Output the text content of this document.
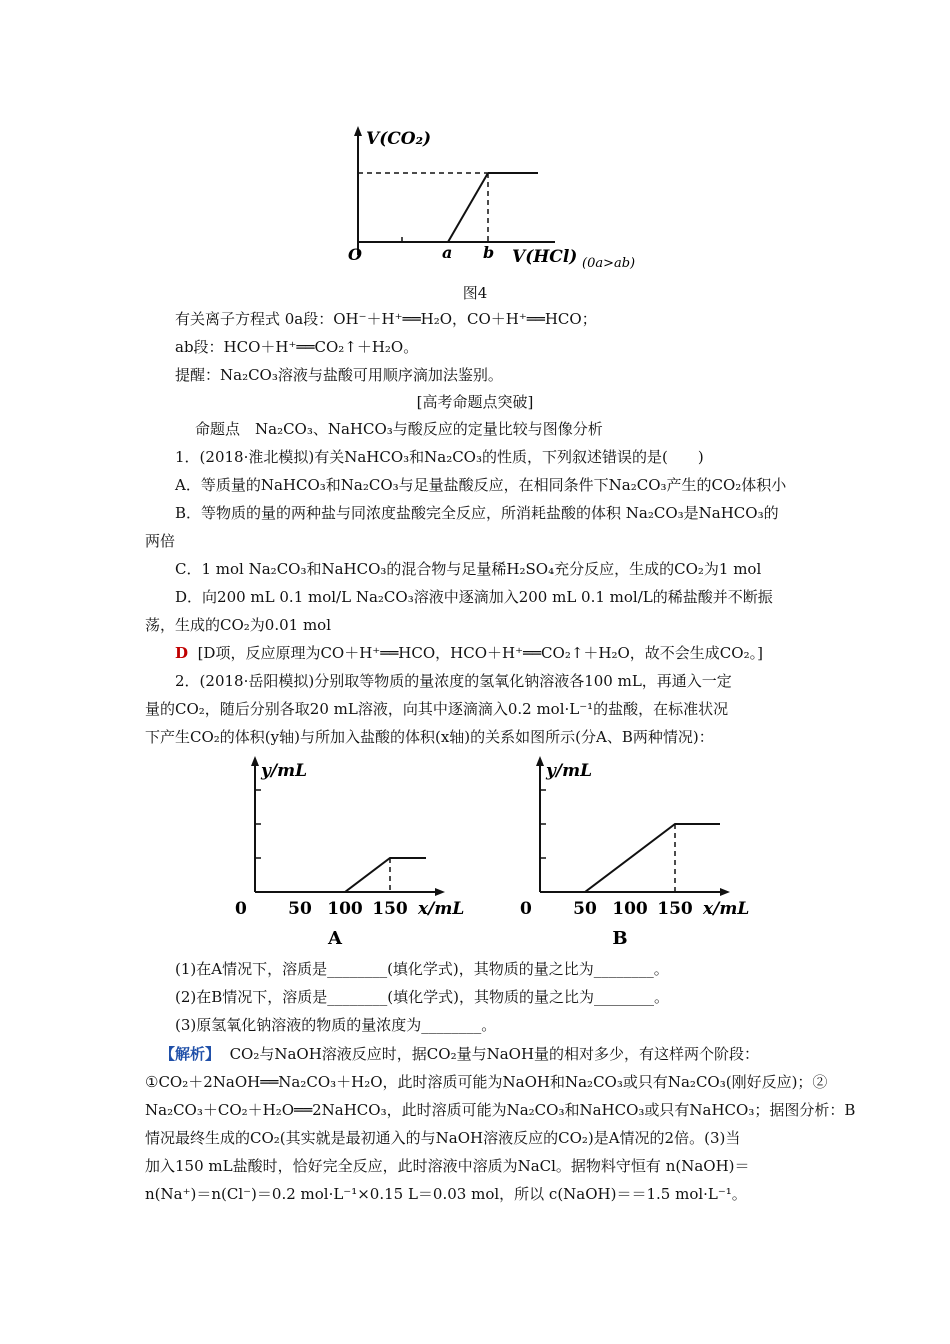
V(CO₂)
O	a b V(HCl) (0a>ab)
图4
有关离子方程式 0a段：OH⁻＋H⁺══H₂O，CO＋H⁺══HCO；
ab段：HCO＋H⁺══CO₂↑＋H₂O。
提醒：Na₂CO₃溶液与盐酸可用顺序滴加法鉴别。
[高考命题点突破]
命题点　Na₂CO₃、NaHCO₃与酸反应的定量比较与图像分析
1．(2018·淮北模拟)有关NaHCO₃和Na₂CO₃的性质，下列叙述错误的是(　　)
A．等质量的NaHCO₃和Na₂CO₃与足量盐酸反应，在相同条件下Na₂CO₃产生的CO₂体积小
B．等物质的量的两种盐与同浓度盐酸完全反应，所消耗盐酸的体积 Na₂CO₃是NaHCO₃的
两倍
C．1 mol Na₂CO₃和NaHCO₃的混合物与足量稀H₂SO₄充分反应，生成的CO₂为1 mol
D．向200 mL 0.1 mol/L Na₂CO₃溶液中逐滴加入200 mL 0.1 mol/L的稀盐酸并不断振
荡，生成的CO₂为0.01 mol
D [D项，反应原理为CO＋H⁺══HCO，HCO＋H⁺══CO₂↑＋H₂O，故不会生成CO₂。]
2．(2018·岳阳模拟)分别取等物质的量浓度的氢氧化钠溶液各100 mL，再通入一定
量的CO₂，随后分别各取20 mL溶液，向其中逐滴滴入0.2 mol·L⁻¹的盐酸，在标准状况
下产生CO₂的体积(y轴)与所加入盐酸的体积(x轴)的关系如图所示(分A、B两种情况)：
50 100 150
0
y/mL
x/mL
A
50 100 150
0
y/mL
x/mL
B
(1)在A情况下，溶质是________(填化学式)，其物质的量之比为________。
(2)在B情况下，溶质是________(填化学式)，其物质的量之比为________。
(3)原氢氧化钠溶液的物质的量浓度为________。
【解析】 CO₂与NaOH溶液反应时，据CO₂量与NaOH量的相对多少，有这样两个阶段：
①CO₂＋2NaOH══Na₂CO₃＋H₂O，此时溶质可能为NaOH和Na₂CO₃或只有Na₂CO₃(刚好反应)；②
Na₂CO₃＋CO₂＋H₂O══2NaHCO₃，此时溶质可能为Na₂CO₃和NaHCO₃或只有NaHCO₃；据图分析：B
情况最终生成的CO₂(其实就是最初通入的与NaOH溶液反应的CO₂)是A情况的2倍。(3)当
加入150 mL盐酸时，恰好完全反应，此时溶液中溶质为NaCl。据物料守恒有 n(NaOH)＝
n(Na⁺)＝n(Cl⁻)＝0.2 mol·L⁻¹×0.15 L＝0.03 mol，所以 c(NaOH)＝＝1.5 mol·L⁻¹。
